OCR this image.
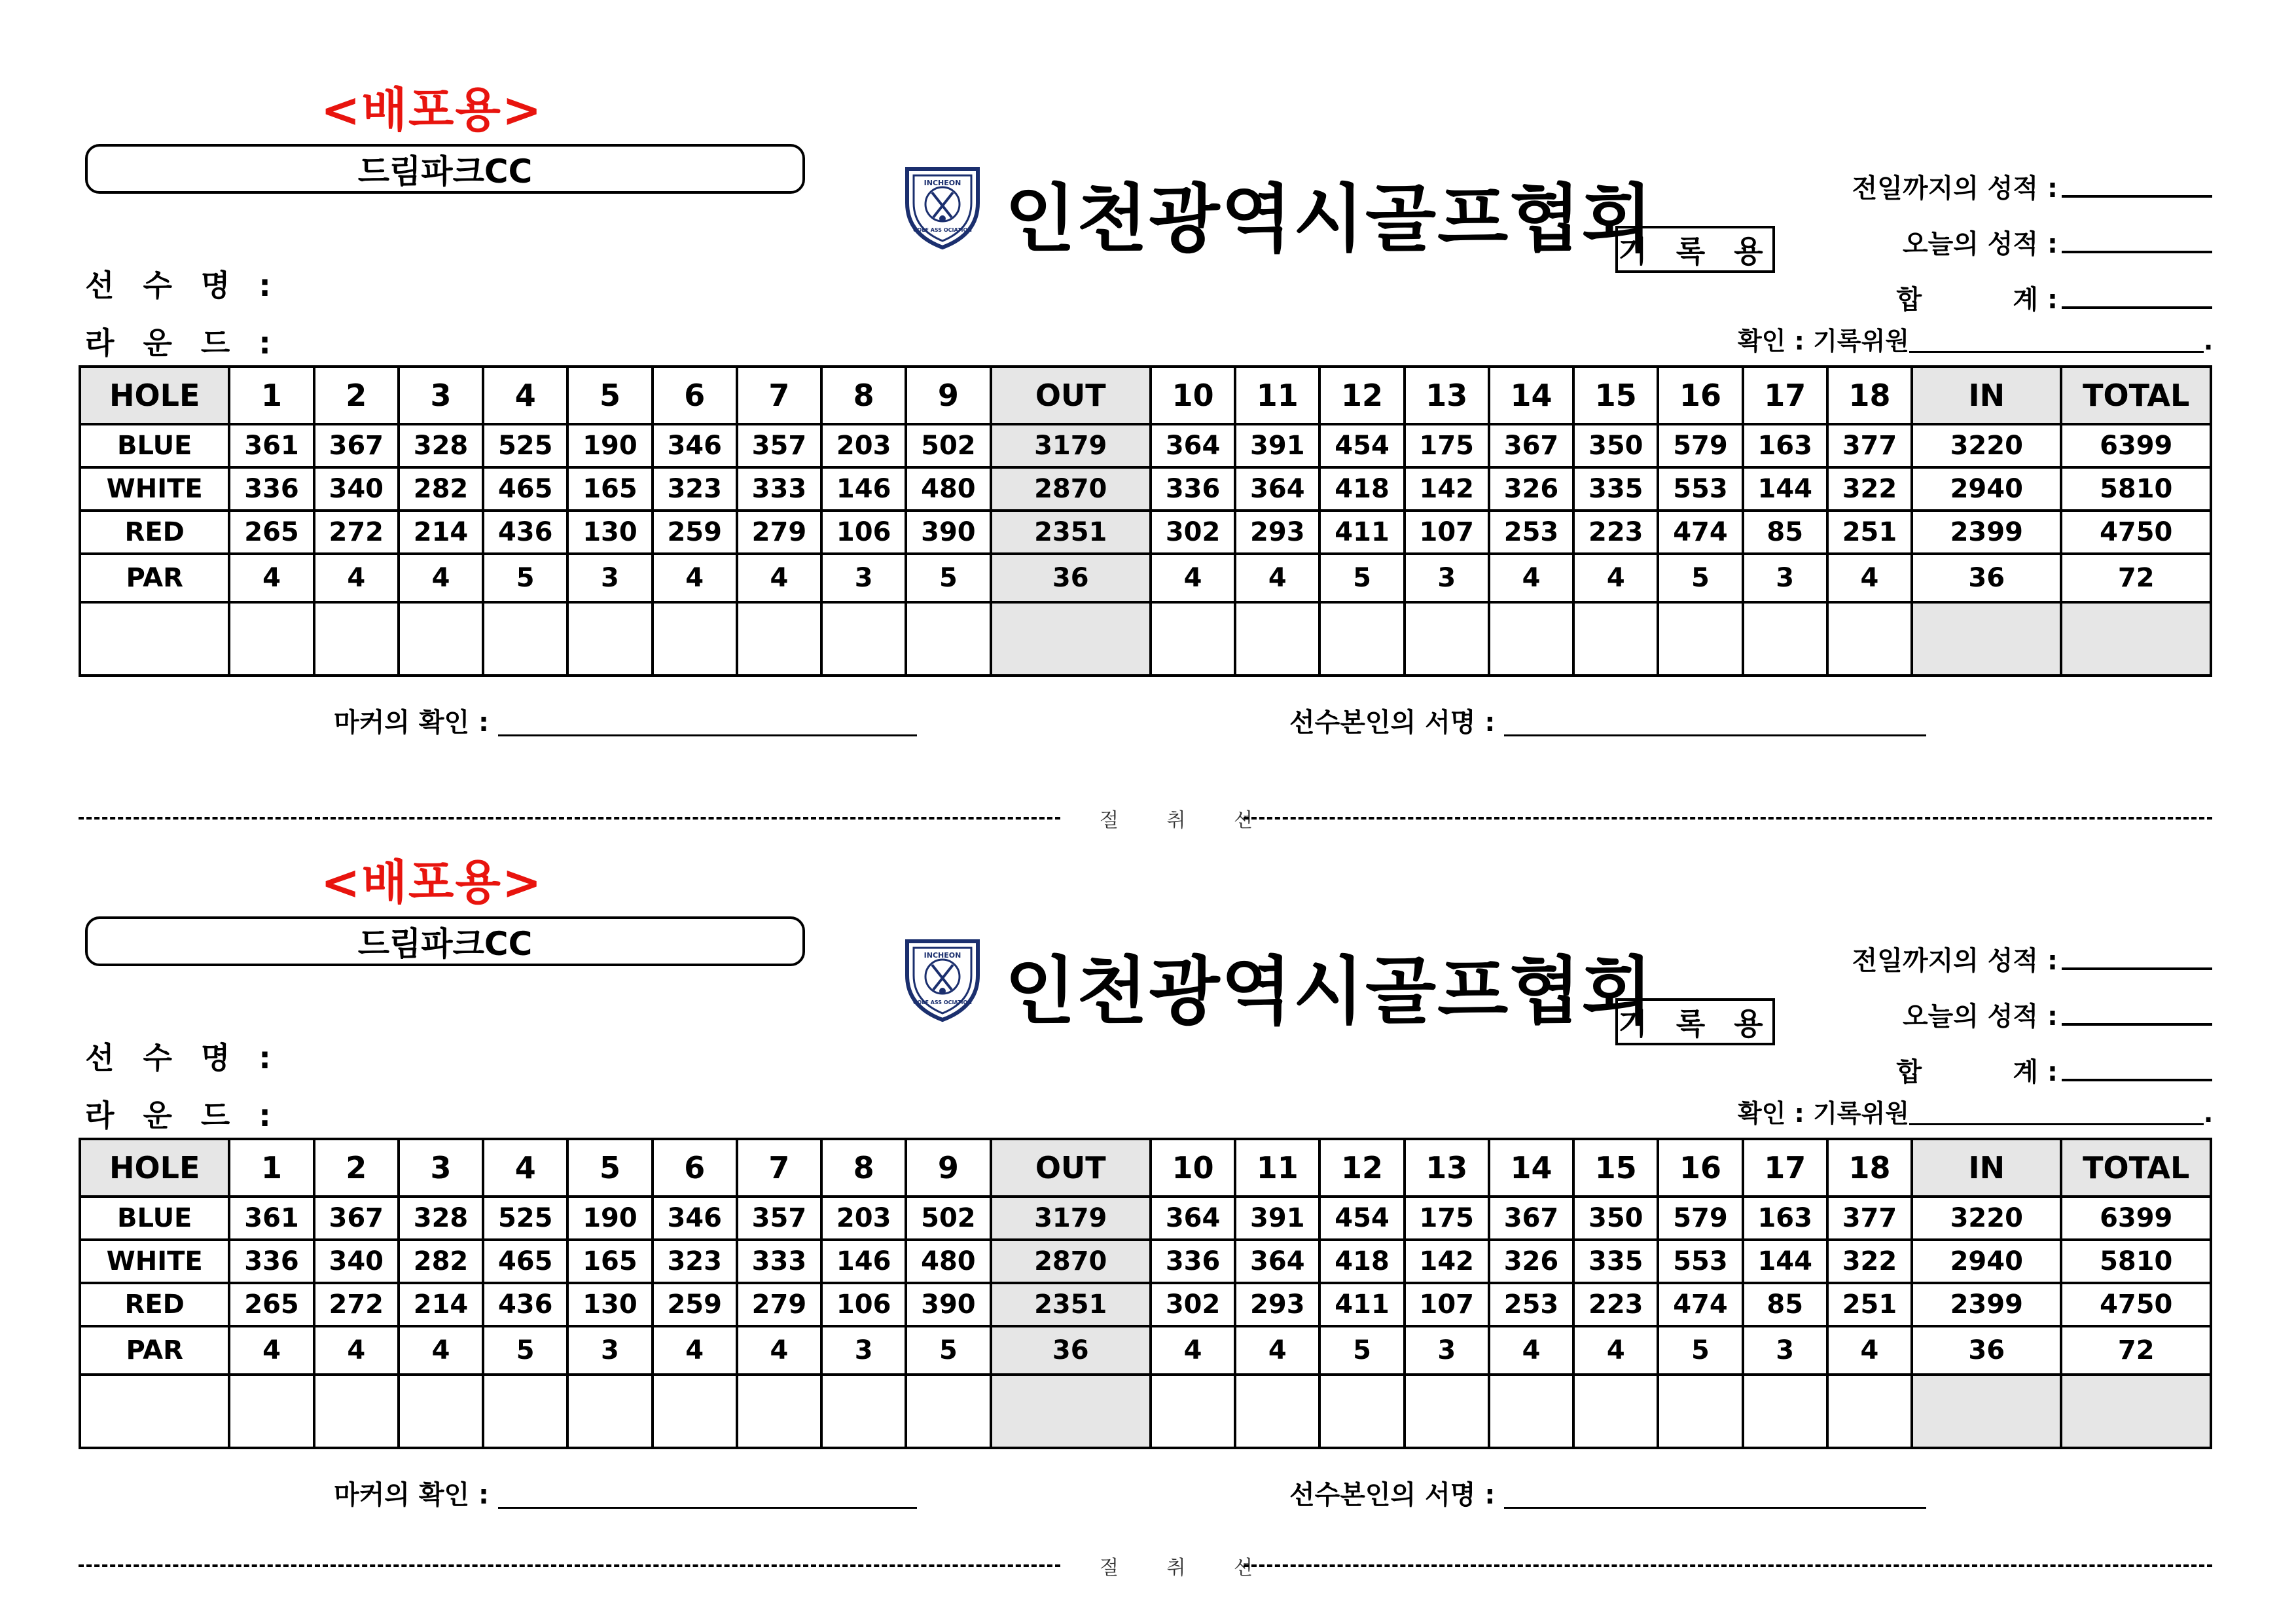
<배포용>
드림파크CC	INCHEON
GOLF ASS OCIATION 인천광역시골프협회
기 록 용
전일까지의 성적 :
오늘의 성적 :
합          계 :
선 수 명 :
라 운 드 :	확인 : 기록위원	.
HOLE	1	2	3	4	5	6	7	8	9	OUT	10	11	12	13	14	15	16	17	18	IN	TOTAL
BLUE	361	367	328	525	190	346	357	203	502	3179	364	391	454	175	367	350	579	163	377	3220	6399
WHITE	336	340	282	465	165	323	333	146	480	2870	336	364	418	142	326	335	553	144	322	2940	5810
RED	265	272	214	436	130	259	279	106	390	2351	302	293	411	107	253	223	474	85	251	2399	4750
PAR	4	4	4	5	3	4	4	3	5	36	4	4	5	3	4	4	5	3	4	36	72

마커의 확인 :	선수본인의 서명 :
절 취 선
<배포용>
드림파크CC	INCHEON
GOLF ASS OCIATION 인천광역시골프협회
기 록 용
전일까지의 성적 :
오늘의 성적 :
합          계 :
선 수 명 :
라 운 드 :	확인 : 기록위원	.
HOLE	1	2	3	4	5	6	7	8	9	OUT	10	11	12	13	14	15	16	17	18	IN	TOTAL
BLUE	361	367	328	525	190	346	357	203	502	3179	364	391	454	175	367	350	579	163	377	3220	6399
WHITE	336	340	282	465	165	323	333	146	480	2870	336	364	418	142	326	335	553	144	322	2940	5810
RED	265	272	214	436	130	259	279	106	390	2351	302	293	411	107	253	223	474	85	251	2399	4750
PAR	4	4	4	5	3	4	4	3	5	36	4	4	5	3	4	4	5	3	4	36	72

마커의 확인 :	선수본인의 서명 :
절 취 선
